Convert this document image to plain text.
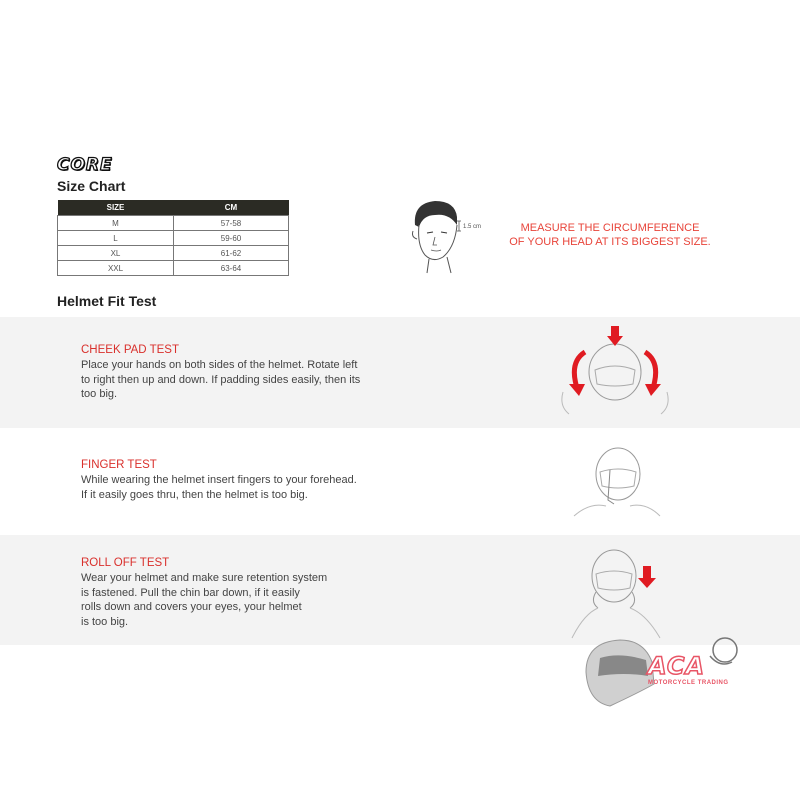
CORE
Size Chart
SIZE	CM
M	57-58
L	59-60
XL	61-62
XXL	63-64
1.5 cm	MEASURE THE CIRCUMFERENCE
OF YOUR HEAD AT ITS BIGGEST SIZE.
Helmet Fit Test
CHEEK PAD TEST
Place your hands on both sides of the helmet. Rotate left
to right then up and down. If padding sides easily, then its
too big.
FINGER TEST
While wearing the helmet insert fingers to your forehead.
If it easily goes thru, then the helmet is too big.
ROLL OFF TEST
Wear your helmet and make sure retention system
is fastened. Pull the chin bar down, if it easily
rolls down and covers your eyes, your helmet
is too big.
ACA
MOTORCYCLE TRADING
